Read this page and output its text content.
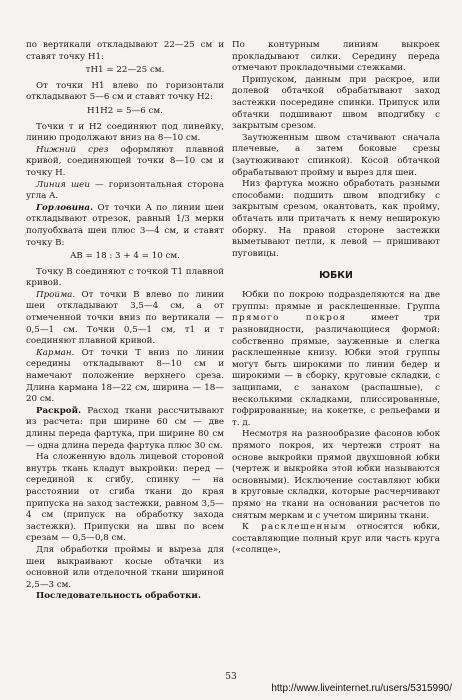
по вертикали откладывают 22—25 см и ставят точку H1:

тН1 = 22—25 см.

От точки H1 влево по горизонтали откладывают 5—6 см и ставят точку H2:

H1H2 = 5—6 см.

Точки т и H2 соединяют под линейку, линию продолжают вниз на 8—10 см.

Нижний срез оформляют плавной кривой, соединяющей точки 8—10 см и точку H.

Линия шеи — горизонтальная сторона угла A.

Горловина. От точки A по линии шеи откладывают отрезок, равный 1/3 мерки полуобхвата шеи плюс 3—4 см, и ставят точку B:

AB = 18 : 3 + 4 = 10 см.

Точку B соединяют с точкой Т1 плавной кривой.

Пройма. От точки B влево по линии шеи откладывают 3,5—4 см, а от отмеченной точки вниз по вертикали — 0,5—1 см. Точки 0,5—1 см, т1 и т соединяют плавной кривой.

Карман. От точки Т вниз по линии середины откладывают 8—10 см и намечают положение верхнего среза. Длина кармана 18—22 см, ширина — 18—20 см.

Раскрой. Расход ткани рассчитывают из расчета: при ширине 60 см — две длины переда фартука, при ширине 80 см — одна длина переда фартука плюс 30 см.

На сложенную вдоль лицевой стороной внутрь ткань кладут выкройки: перед — серединой к сгибу, спинку — на расстоянии от сгиба ткани до края припуска на заход застежки, равном 3,5—4 см (припуск на обработку захода застежки). Припуски на швы по всем срезам — 0,5—0,8 см.

Для обработки проймы и выреза для шеи выкраивают косые обтачки из основной или отделочной ткани шириной 2,5—3 см.

Последовательность обработки.

По контурным линиям выкроек прокладывают силки. Середину переда отмечают прокладочными стежками.

Припуском, данным при раскрое, или долевой обтачкой обрабатывают заход застежки посередине спинки. Припуск или обтачки подшивают швом вподгибку с закрытым срезом.

Заутюженным швом стачивают сначала плечевые, а затем боковые срезы (заутюживают спинкой). Косой обтачкой обрабатывают пройму и вырез для шеи.

Низ фартука можно обработать разными способами: подшить швом вподгибку с закрытым срезом, окантовать, как пройму, обтачать или притачать к нему неширокую оборку. На правой стороне застежки выметывают петли, к левой — пришивают пуговицы.

ЮБКИ

Юбки по покрою подразделяются на две группы: прямые и расклешенные. Группа прямого покроя имеет три разновидности, различающиеся формой: собственно прямые, зауженные и слегка расклешенные книзу. Юбки этой группы могут быть широкими по линии бедер и широкими — в сборку, круговые складки, с защипами, с занахом (распашные), с несколькими складками, плиссированные, гофрированные; на кокетке, с рельефами и т. д.

Несмотря на разнообразие фасонов юбок прямого покроя, их чертежи строят на основе выкройки прямой двухшовной юбки (чертеж и выкройка этой юбки называются основными). Исключение составляют юбки в круговые складки, которые расчерчивают прямо на ткани на основании расчетов по снятым меркам и с учетом ширины ткани.

К расклешенным относятся юбки, составляющие полный круг или часть круга («солнце»,

53
http://www.liveinternet.ru/users/5315990/
